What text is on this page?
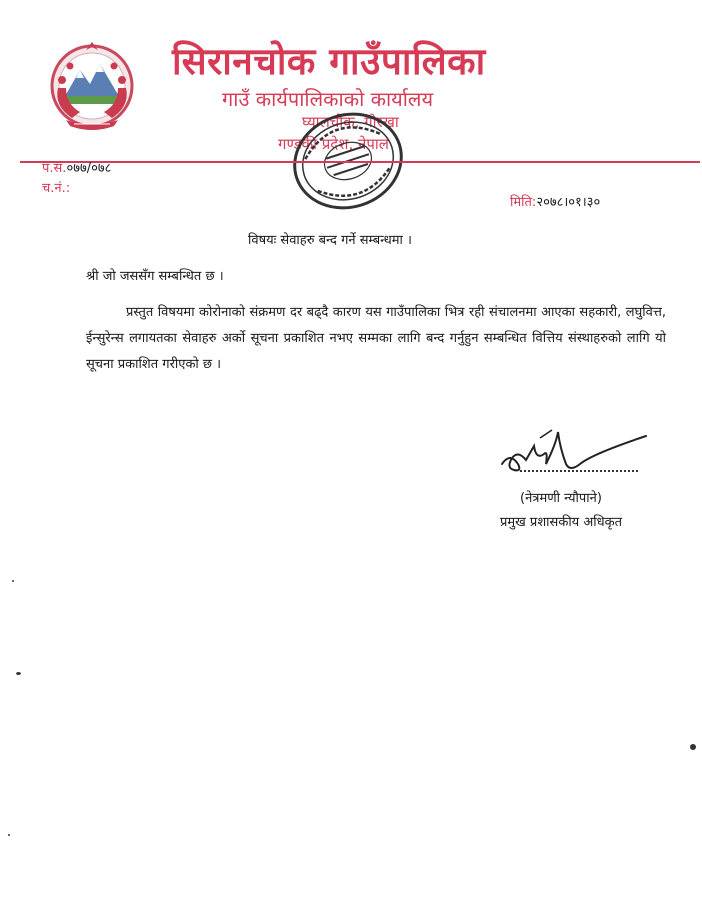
सिरानचोक गाउँपालिका
गाउँ कार्यपालिकाको कार्यालय
घ्यालचोक, गोरखा
गण्डकी प्रदेश, नेपाल
प.सं.०७७/०७८
च.नं.:
मिति:२०७८।०१।३०
विषयः सेवाहरु बन्द गर्ने सम्बन्धमा ।
श्री जो जससँग सम्बन्धित छ ।
प्रस्तुत विषयमा कोरोनाको संक्रमण दर बढ्दै कारण यस गाउँपालिका भित्र रही संचालनमा आएका सहकारी, लघुवित्त, ईन्सुरेन्स लगायतका सेवाहरु अर्को सूचना प्रकाशित नभए सम्मका लागि बन्द गर्नुहुन सम्बन्धित वित्तिय संस्थाहरुको लागि यो सूचना प्रकाशित गरीएको छ ।
(नेत्रमणी न्यौपाने)
प्रमुख प्रशासकीय अधिकृत
